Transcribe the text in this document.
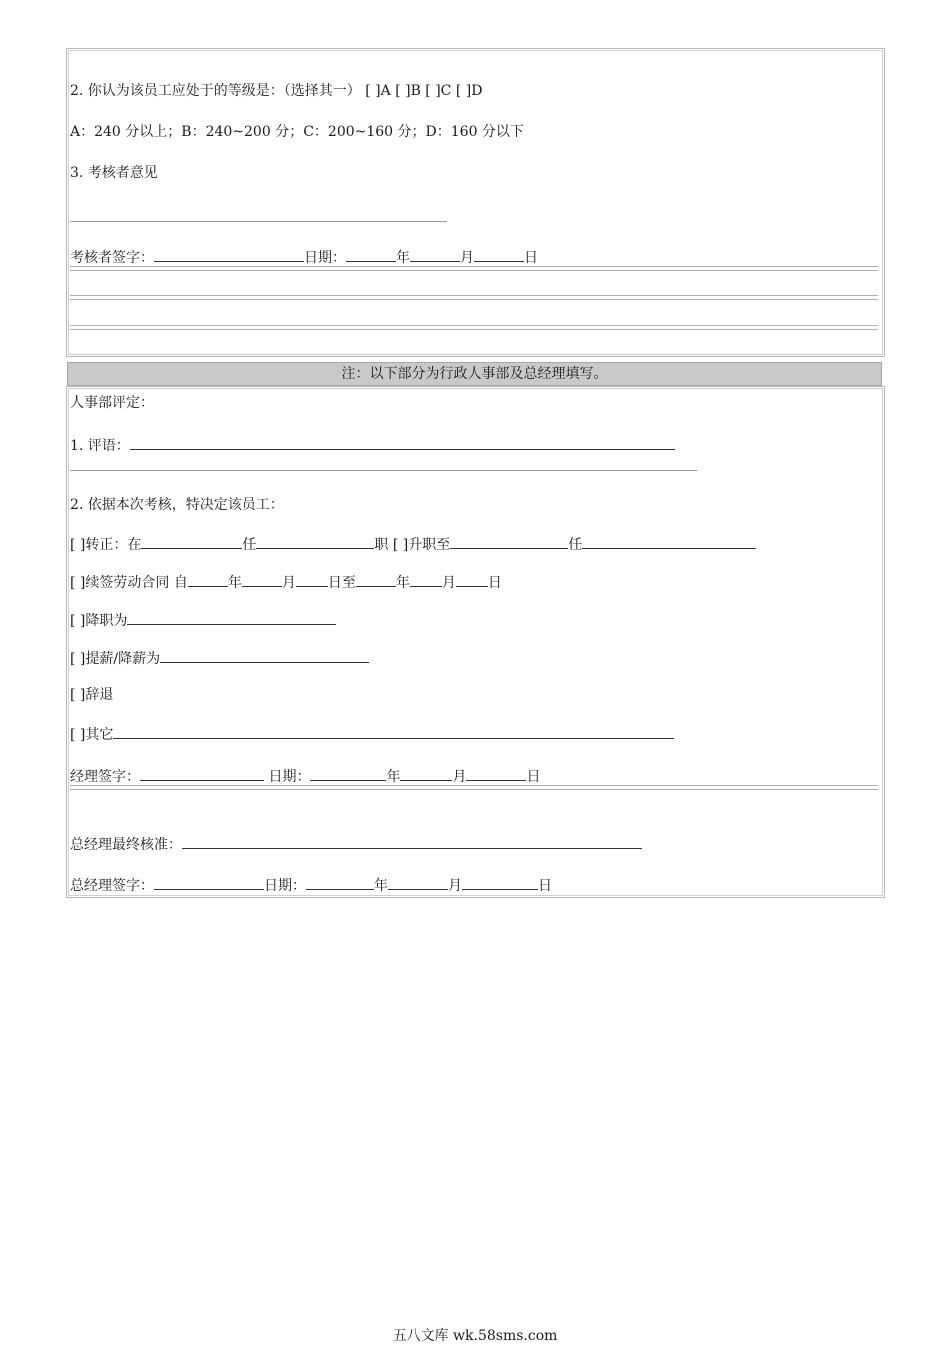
2. 你认为该员工应处于的等级是：（选择其一） [ ]A [ ]B [ ]C [ ]D
A：240 分以上；B：240~200 分；C：200~160 分；D：160 分以下
3. 考核者意见
考核者签字：	日期：	年	月	日
注：以下部分为行政人事部及总经理填写。
人事部评定：
1. 评语：
2. 依据本次考核，特决定该员工：
[ ]转正：在	任	职 [ ]升职至	任
[ ]续签劳动合同 自	年	月 日至	年 月 日
[ ]降职为
[ ]提薪/降薪为
[ ]辞退
[ ]其它
经理签字：	日期：	年	月	日
总经理最终核准：
总经理签字：	日期：	年	月	日
五八文库 wk.58sms.com
